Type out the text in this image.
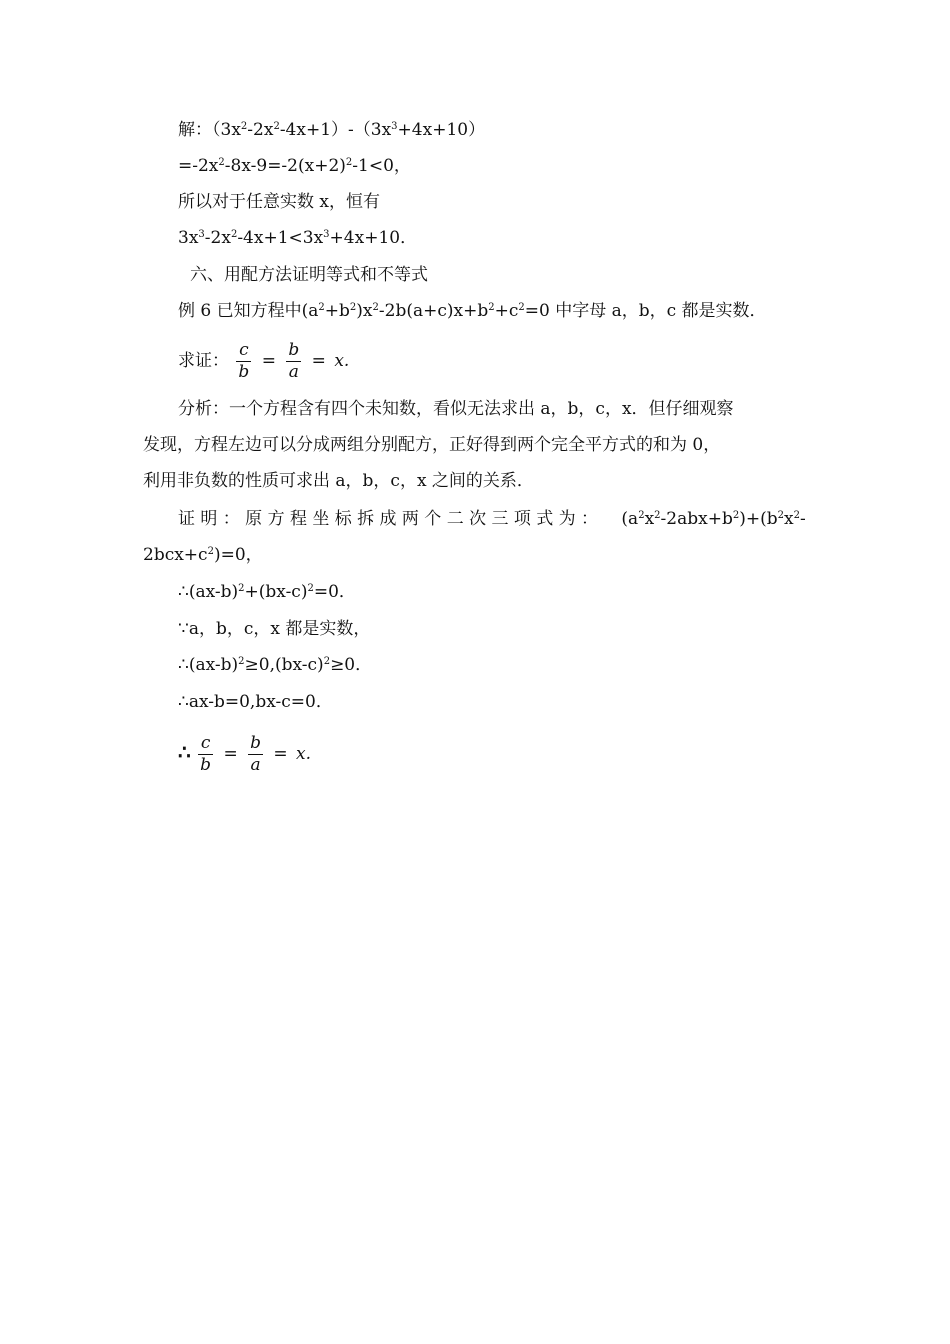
解：$(3x^2-2x^2-4x+1)-(3x^3+4x+10)$
$=-2x^2-8x-9=-2(x+2)^2-1<0$，
所以对于任意实数 x，恒有
$3x^3-2x^2-4x+1<3x^3+4x+10$．
六、用配方法证明等式和不等式
例 6 已知方程中$(a^2+b^2)x^2-2b(a+c)x+b^2+c^2=0$ 中字母 a，b，c 都是实数．
求证： $\frac{c}{b} = \frac{b}{a} = x$.
分析：一个方程含有四个未知数，看似无法求出 a，b，c，x．但仔细观察
发现，方程左边可以分成两组分别配方，正好得到两个完全平方式的和为 0，
利用非负数的性质可求出 a，b，c，x 之间的关系．
证 明 ： 原 方 程 坐 标 拆 成 两 个 二 次 三 项 式 为 ： $(a^2x^2-2abx+b^2)+(b^2x^2-$
$2bcx+c^2)=0$，
$\therefore(ax-b)^2+(bx-c)^2=0$．
∵a，b，c，x 都是实数，
$\therefore(ax-b)^2\ge 0,(bx-c)^2\ge 0$．
∴ax-b=0,bx-c=0．
∴ $\frac{c}{b} = \frac{b}{a} = x$.
